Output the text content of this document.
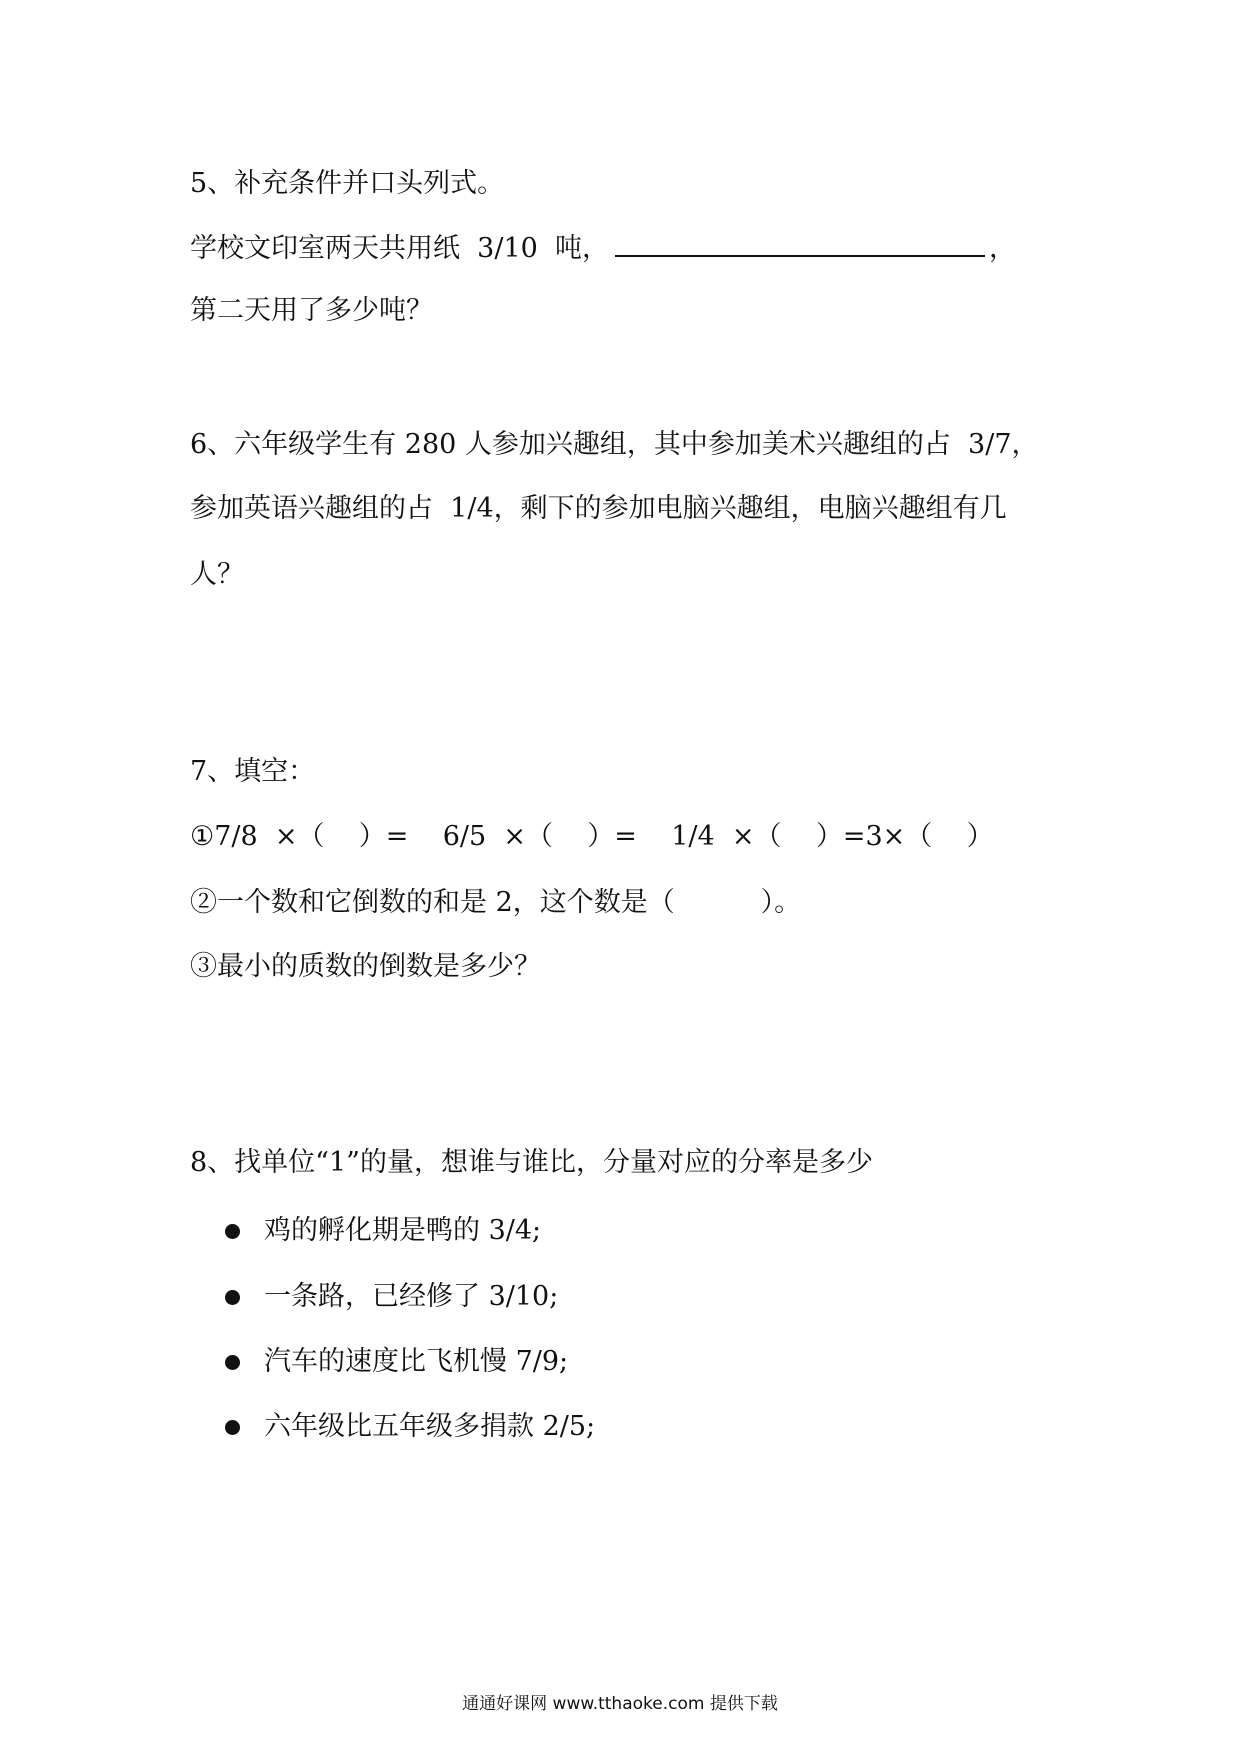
5、补充条件并口头列式。
学校文印室两天共用纸  3/10  吨，	，
第二天用了多少吨？
6、六年级学生有 280 人参加兴趣组，其中参加美术兴趣组的占  3/7，
参加英语兴趣组的占  1/4，剩下的参加电脑兴趣组，电脑兴趣组有几
人？
7、填空：
①7/8  ×（    ）=    6/5  ×（    ）=    1/4  ×（    ）=3×（    ）
②一个数和它倒数的和是 2，这个数是（          ）。
③最小的质数的倒数是多少？
8、找单位“1”的量，想谁与谁比，分量对应的分率是多少
鸡的孵化期是鸭的 3/4;
一条路，已经修了 3/10;
汽车的速度比飞机慢 7/9;
六年级比五年级多捐款 2/5;
通通好课网 www.tthaoke.com 提供下载
